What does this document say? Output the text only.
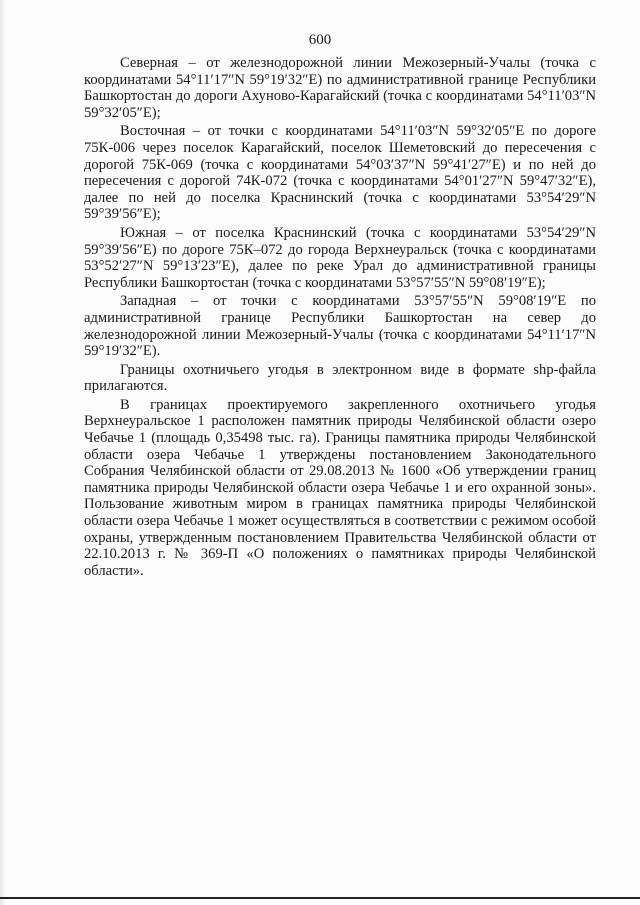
600

Северная – от железнодорожной линии Межозерный-Учалы (точка с координатами 54°11′17″N 59°19′32″E) по административной границе Республики Башкортостан до дороги Ахуново-Карагайский (точка с координатами 54°11′03″N 59°32′05″E);

Восточная – от точки с координатами 54°11′03″N 59°32′05″E по дороге 75К-006 через поселок Карагайский, поселок Шеметовский до пересечения с дорогой 75К-069 (точка с координатами 54°03′37″N 59°41′27″E) и по ней до пересечения с дорогой 74К-072 (точка с координатами 54°01′27″N 59°47′32″E), далее по ней до поселка Краснинский (точка с координатами 53°54′29″N 59°39′56″E);

Южная – от поселка Краснинский (точка с координатами 53°54′29″N 59°39′56″E) по дороге 75К–072 до города Верхнеуральск (точка с координатами 53°52′27″N 59°13′23″E), далее по реке Урал до административной границы Республики Башкортостан (точка с координатами 53°57′55″N 59°08′19″E);

Западная – от точки с координатами 53°57′55″N 59°08′19″E по административной границе Республики Башкортостан на север до железнодорожной линии Межозерный-Учалы (точка с координатами 54°11′17″N 59°19′32″E).

Границы охотничьего угодья в электронном виде в формате shp-файла прилагаются.

В границах проектируемого закрепленного охотничьего угодья Верхнеуральское 1 расположен памятник природы Челябинской области озеро Чебачье 1 (площадь 0,35498 тыс. га). Границы памятника природы Челябинской области озера Чебачье 1 утверждены постановлением Законодательного Собрания Челябинской области от 29.08.2013 № 1600 «Об утверждении границ памятника природы Челябинской области озера Чебачье 1 и его охранной зоны». Пользование животным миром в границах памятника природы Челябинской области озера Чебачье 1 может осуществляться в соответствии с режимом особой охраны, утвержденным постановлением Правительства Челябинской области от 22.10.2013 г. № 369-П «О положениях о памятниках природы Челябинской области».
